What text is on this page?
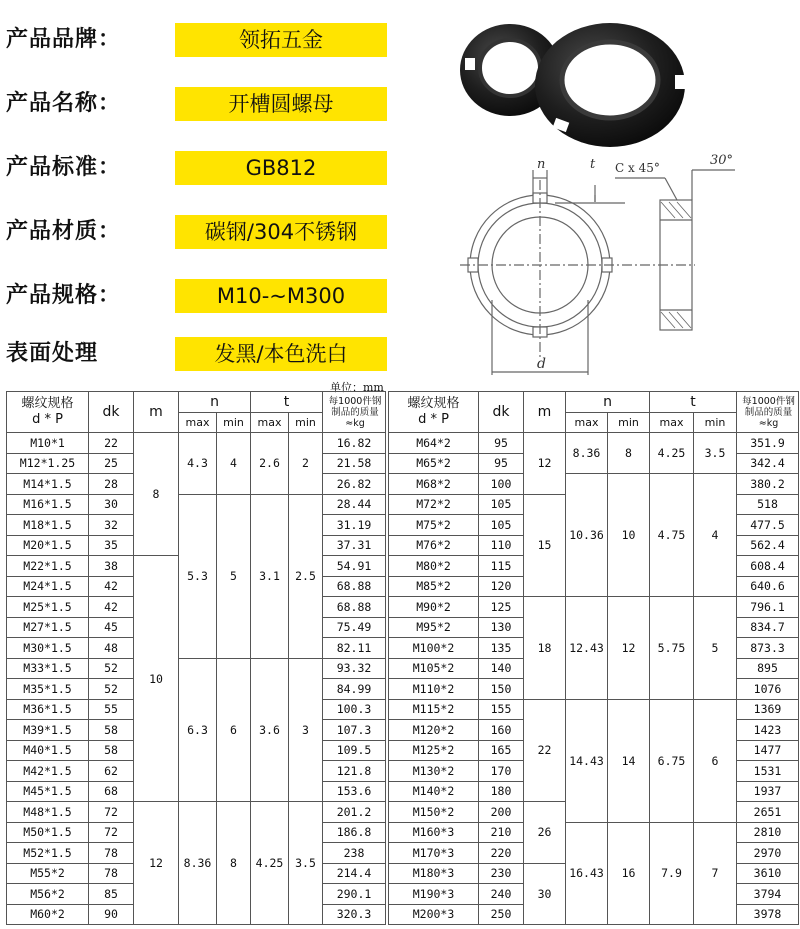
产品品牌：	领拓五金
产品名称：	开槽圆螺母
产品标准：	GB812
产品材质：	碳钢/304不锈钢
产品规格：	M10-~M300
表面处理	发黑/本色洗白
n	t C x 45°	30°
d
单位：mm
螺纹规格
d * P	dk	m	n		t		每1000件钢制品的质量 ≈kg
			max	min	max	min	
M10*1	22	8	4.3	4	2.6	2	16.82
M12*1.25	25						21.58
M14*1.5	28						26.82
M16*1.5	30		5.3	5	3.1	2.5	28.44
M18*1.5	32						31.19
M20*1.5	35						37.31
M22*1.5	38	10					54.91
M24*1.5	42						68.88
M25*1.5	42						68.88
M27*1.5	45						75.49
M30*1.5	48						82.11
M33*1.5	52		6.3	6	3.6	3	93.32
M35*1.5	52						84.99
M36*1.5	55						100.3
M39*1.5	58						107.3
M40*1.5	58						109.5
M42*1.5	62						121.8
M45*1.5	68						153.6
M48*1.5	72	12	8.36	8	4.25	3.5	201.2
M50*1.5	72						186.8
M52*1.5	78						238
M55*2	78						214.4
M56*2	85						290.1
M60*2	90						320.3
螺纹规格
d * P	dk	m	n		t		每1000件钢制品的质量 ≈kg
			max	min	max	min	
M64*2	95	12	8.36	8	4.25	3.5	351.9
M65*2	95						342.4
M68*2	100		10.36	10	4.75	4	380.2
M72*2	105	15					518
M75*2	105						477.5
M76*2	110						562.4
M80*2	115						608.4
M85*2	120						640.6
M90*2	125	18	12.43	12	5.75	5	796.1
M95*2	130						834.7
M100*2	135						873.3
M105*2	140						895
M110*2	150						1076
M115*2	155	22	14.43	14	6.75	6	1369
M120*2	160						1423
M125*2	165						1477
M130*2	170						1531
M140*2	180						1937
M150*2	200	26					2651
M160*3	210		16.43	16	7.9	7	2810
M170*3	220						2970
M180*3	230	30					3610
M190*3	240						3794
M200*3	250						3978
